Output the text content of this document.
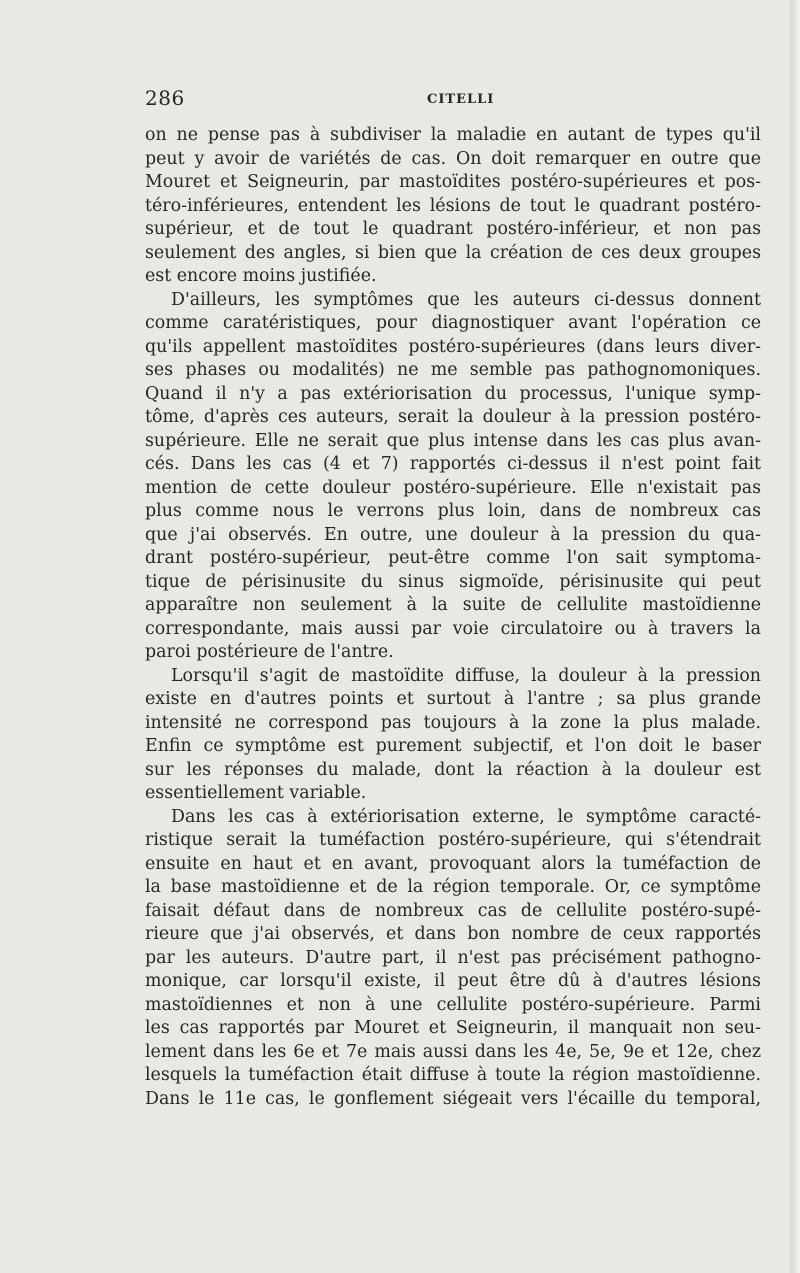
286	CITELLI

on ne pense pas à subdiviser la maladie en autant de types qu'il
peut y avoir de variétés de cas. On doit remarquer en outre que
Mouret et Seigneurin, par mastoïdites postéro-supérieures et pos-
téro-inférieures, entendent les lésions de tout le quadrant postéro-
supérieur, et de tout le quadrant postéro-inférieur, et non pas
seulement des angles, si bien que la création de ces deux groupes
est encore moins justifiée.

D'ailleurs, les symptômes que les auteurs ci-dessus donnent
comme caratéristiques, pour diagnostiquer avant l'opération ce
qu'ils appellent mastoïdites postéro-supérieures (dans leurs diver-
ses phases ou modalités) ne me semble pas pathognomoniques.
Quand il n'y a pas extériorisation du processus, l'unique symp-
tôme, d'après ces auteurs, serait la douleur à la pression postéro-
supérieure. Elle ne serait que plus intense dans les cas plus avan-
cés. Dans les cas (4 et 7) rapportés ci-dessus il n'est point fait
mention de cette douleur postéro-supérieure. Elle n'existait pas
plus comme nous le verrons plus loin, dans de nombreux cas
que j'ai observés. En outre, une douleur à la pression du qua-
drant postéro-supérieur, peut-être comme l'on sait symptoma-
tique de périsinusite du sinus sigmoïde, périsinusite qui peut
apparaître non seulement à la suite de cellulite mastoïdienne
correspondante, mais aussi par voie circulatoire ou à travers la
paroi postérieure de l'antre.

Lorsqu'il s'agit de mastoïdite diffuse, la douleur à la pression
existe en d'autres points et surtout à l'antre ; sa plus grande
intensité ne correspond pas toujours à la zone la plus malade.
Enfin ce symptôme est purement subjectif, et l'on doit le baser
sur les réponses du malade, dont la réaction à la douleur est
essentiellement variable.

Dans les cas à extériorisation externe, le symptôme caracté-
ristique serait la tuméfaction postéro-supérieure, qui s'étendrait
ensuite en haut et en avant, provoquant alors la tuméfaction de
la base mastoïdienne et de la région temporale. Or, ce symptôme
faisait défaut dans de nombreux cas de cellulite postéro-supé-
rieure que j'ai observés, et dans bon nombre de ceux rapportés
par les auteurs. D'autre part, il n'est pas précisément pathogno-
monique, car lorsqu'il existe, il peut être dû à d'autres lésions
mastoïdiennes et non à une cellulite postéro-supérieure. Parmi
les cas rapportés par Mouret et Seigneurin, il manquait non seu-
lement dans les 6e et 7e mais aussi dans les 4e, 5e, 9e et 12e, chez
lesquels la tuméfaction était diffuse à toute la région mastoïdienne.
Dans le 11e cas, le gonflement siégeait vers l'écaille du temporal,
